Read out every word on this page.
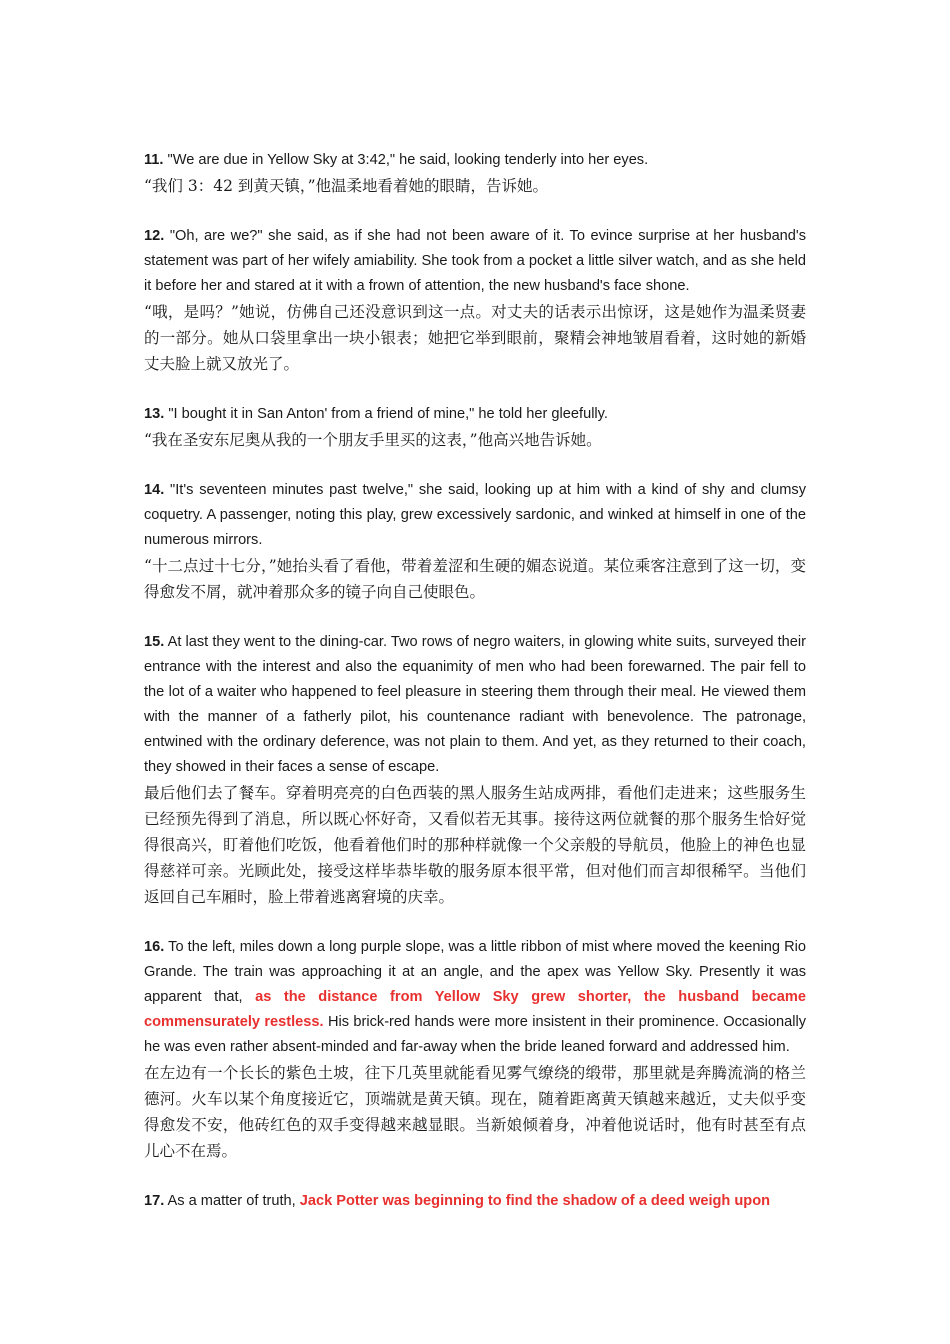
11. "We are due in Yellow Sky at 3:42," he said, looking tenderly into her eyes.

“我们 3：42 到黄天镇，”他温柔地看着她的眼睛，告诉她。

12. "Oh, are we?" she said, as if she had not been aware of it. To evince surprise at her husband's statement was part of her wifely amiability. She took from a pocket a little silver watch, and as she held it before her and stared at it with a frown of attention, the new husband's face shone.

“哦，是吗？”她说，仿佛自己还没意识到这一点。对丈夫的话表示出惊讶，这是她作为温柔贤妻的一部分。她从口袋里拿出一块小银表；她把它举到眼前，聚精会神地皱眉看着，这时她的新婚丈夫脸上就又放光了。

13. "I bought it in San Anton' from a friend of mine," he told her gleefully.

“我在圣安东尼奥从我的一个朋友手里买的这表，”他高兴地告诉她。

14. "It's seventeen minutes past twelve," she said, looking up at him with a kind of shy and clumsy coquetry. A passenger, noting this play, grew excessively sardonic, and winked at himself in one of the numerous mirrors.

“十二点过十七分，”她抬头看了看他，带着羞涩和生硬的媚态说道。某位乘客注意到了这一切，变得愈发不屑，就冲着那众多的镜子向自己使眼色。

15. At last they went to the dining-car. Two rows of negro waiters, in glowing white suits, surveyed their entrance with the interest and also the equanimity of men who had been forewarned. The pair fell to the lot of a waiter who happened to feel pleasure in steering them through their meal. He viewed them with the manner of a fatherly pilot, his countenance radiant with benevolence. The patronage, entwined with the ordinary deference, was not plain to them. And yet, as they returned to their coach, they showed in their faces a sense of escape.

最后他们去了餐车。穿着明亮亮的白色西装的黑人服务生站成两排，看他们走进来；这些服务生已经预先得到了消息，所以既心怀好奇，又看似若无其事。接待这两位就餐的那个服务生恰好觉得很高兴，盯着他们吃饭，他看着他们时的那种样就像一个父亲般的导航员，他脸上的神色也显得慈祥可亲。光顾此处，接受这样毕恭毕敬的服务原本很平常，但对他们而言却很稀罕。当他们返回自己车厢时，脸上带着逃离窘境的庆幸。

16. To the left, miles down a long purple slope, was a little ribbon of mist where moved the keening Rio Grande. The train was approaching it at an angle, and the apex was Yellow Sky. Presently it was apparent that, as the distance from Yellow Sky grew shorter, the husband became commensurately restless. His brick-red hands were more insistent in their prominence. Occasionally he was even rather absent-minded and far-away when the bride leaned forward and addressed him.

在左边有一个长长的紫色土坡，往下几英里就能看见雾气缭绕的缎带，那里就是奔腾流淌的格兰德河。火车以某个角度接近它，顶端就是黄天镇。现在，随着距离黄天镇越来越近，丈夫似乎变得愈发不安，他砖红色的双手变得越来越显眼。当新娘倾着身，冲着他说话时，他有时甚至有点儿心不在焉。

17. As a matter of truth, Jack Potter was beginning to find the shadow of a deed weigh upon
